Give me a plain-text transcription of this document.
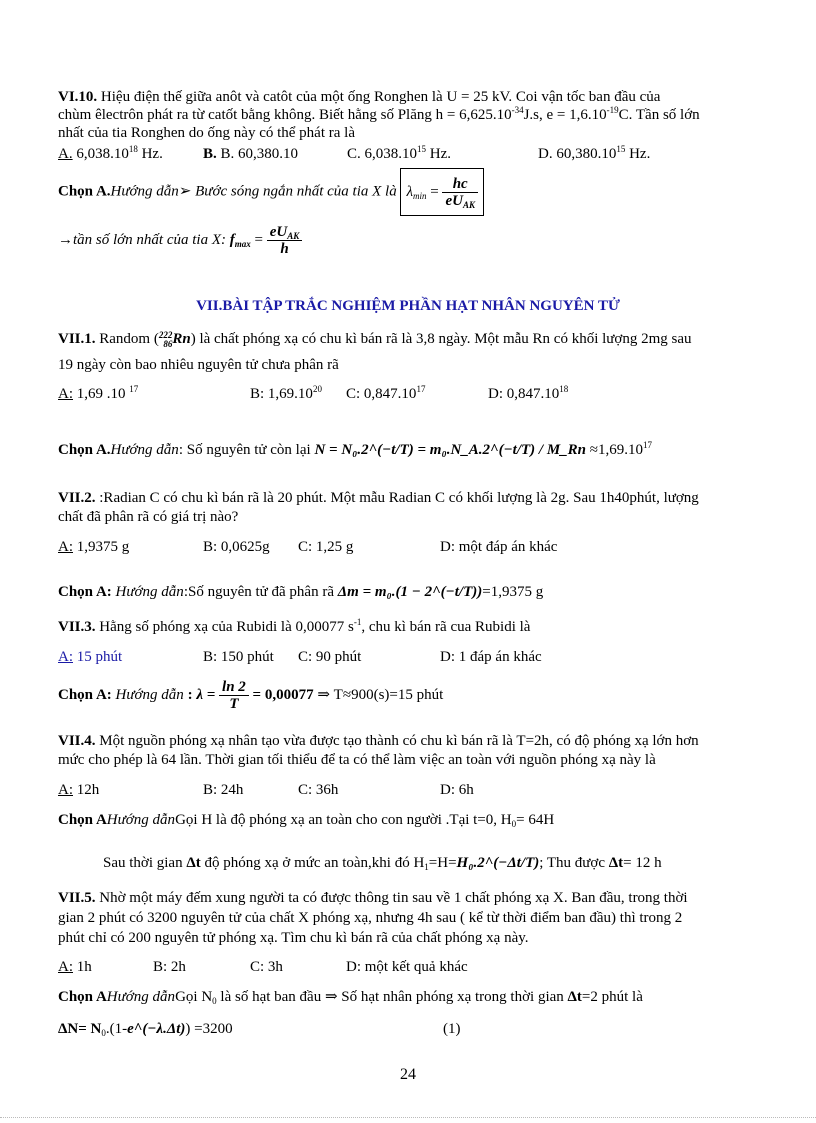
VI.10. Hiệu điện thế giữa anôt và catôt của một ống Ronghen là U = 25 kV. Coi vận tốc ban đầu của
chùm êlectrôn phát ra từ catốt bằng không. Biết hằng số Plăng $h = 6,625.10^{-34}J.s$, $e = 1,6.10^{-19}C$. Tần số lớn
nhất của tia Ronghen do ống này có thể phát ra là
A. 6,038.10$^{18}$ Hz.	B. B. 60,380.10	C. 6,038.10$^{15}$ Hz.	D. 60,380.10$^{15}$ Hz.
Chọn A.Hướng dẫn➢ Bước sóng ngắn nhất của tia X là $\lambda_{min} = \frac{hc}{eU_{AK}}$
→tần số lớn nhất của tia X: $f_{max} = \frac{eU_{AK}}{h}$
VII.BÀI TẬP TRẮC NGHIỆM PHẦN HẠT NHÂN NGUYÊN TỬ
VII.1. Random ( 222
86 Rn) là chất phóng xạ có chu kì bán rã là 3,8 ngày. Một mẫu Rn có khối lượng 2mg sau
19 ngày còn bao nhiêu nguyên tử chưa phân rã
A: 1,69 .10 $^{17}$	B: 1,69.10$^{20}$ C: 0,847.10$^{17}$	D: 0,847.10$^{18}$
Chọn A.Hướng dẫn: Số nguyên tử còn lại N = N₀.2^(−t/T) = m₀.N_A.2^(−t/T) / M_Rn $\approx 1,69.10^{17}$
VII.2. :Radian C có chu kì bán rã là 20 phút. Một mẫu Radian C có khối lượng là 2g. Sau 1h40phút, lượng
chất đã phân rã có giá trị nào?
A: 1,9375 g	B: 0,0625g C: 1,25 g	D: một đáp án khác
Chọn A: Hướng dẫn:Số nguyên tử đã phân rã Δm = m₀.(1 − 2^(−t/T))=1,9375 g
VII.3. Hằng số phóng xạ của Rubidi là 0,00077 $s^{-1}$, chu kì bán rã cua Rubidi là
A: 15 phút	B: 150 phút C: 90 phút	D: 1 đáp án khác
Chọn A: Hướng dẫn : $\lambda = \frac{\ln 2}{T} = 0,00077$ ⇒ T≈900(s)=15 phút
VII.4. Một nguồn phóng xạ nhân tạo vừa được tạo thành có chu kì bán rã là T=2h, có độ phóng xạ lớn hơn
mức cho phép là 64 lần. Thời gian tối thiểu để ta có thể làm việc an toàn với nguồn phóng xạ này là
A: 12h	B: 24h	C: 36h	D: 6h
Chọn AHướng dẫnGọi H là độ phóng xạ an toàn cho con người .Tại t=0, $H_0= 64H$
Sau thời gian Δt độ phóng xạ ở mức an toàn,khi đó $H_1=H=H_0.2\^{}(-\Delta t/T)$; Thu được Δt= 12 h
VII.5. Nhờ một máy đếm xung người ta có được thông tin sau về 1 chất phóng xạ X. Ban đầu, trong thời
gian 2 phút có 3200 nguyên tử của chất X phóng xạ, nhưng 4h sau ( kể từ thời điểm ban đầu) thì trong 2
phút chỉ có 200 nguyên tử phóng xạ. Tìm chu kì bán rã của chất phóng xạ này.
A: 1h	B: 2h	C: 3h	D: một kết quả khác
Chọn AHướng dẫnGọi $N_0$ là số hạt ban đầu ⇒ Số hạt nhân phóng xạ trong thời gian Δt=2 phút là
$\Delta N= N_0.(1-e\^{}(-\lambda.\Delta t)) =3200$	(1)
24
